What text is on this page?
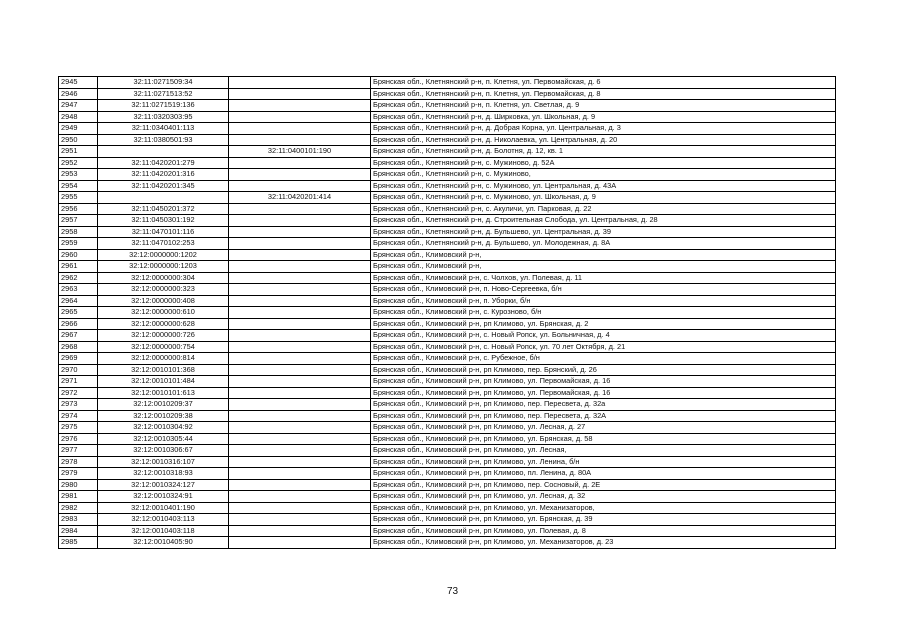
2945	32:11:0271509:34		Брянская обл., Клетнянский р-н, п. Клетня, ул. Первомайская, д. 6
2946	32:11:0271513:52		Брянская обл., Клетнянский р-н, п. Клетня, ул. Первомайская, д. 8
2947	32:11:0271519:136		Брянская обл., Клетнянский р-н, п. Клетня, ул. Светлая, д. 9
2948	32:11:0320303:95		Брянская обл., Клетнянский р-н, д. Ширковка, ул. Школьная, д. 9
2949	32:11:0340401:113		Брянская обл., Клетнянский р-н, д. Добрая Корна, ул. Центральная, д. 3
2950	32:11:0380501:93		Брянская обл., Клетнянский р-н, д. Николаевка, ул. Центральная, д. 20
2951		32:11:0400101:190	Брянская обл., Клетнянский р-н, д. Болотня, д. 12, кв. 1
2952	32:11:0420201:279		Брянская обл., Клетнянский р-н, с. Мужиново, д. 52А
2953	32:11:0420201:316		Брянская обл., Клетнянский р-н, с. Мужиново,
2954	32:11:0420201:345		Брянская обл., Клетнянский р-н, с. Мужиново, ул. Центральная, д. 43А
2955		32:11:0420201:414	Брянская обл., Клетнянский р-н, с. Мужиново, ул. Школьная, д. 9
2956	32:11:0450201:372		Брянская обл., Клетнянский р-н, с. Акуличи, ул. Парковая, д. 22
2957	32:11:0450301:192		Брянская обл., Клетнянский р-н, д. Строительная Слобода, ул. Центральная, д. 28
2958	32:11:0470101:116		Брянская обл., Клетнянский р-н, д. Бульшево, ул. Центральная, д. 39
2959	32:11:0470102:253		Брянская обл., Клетнянский р-н, д. Бульшево, ул. Молодежная, д. 8А
2960	32:12:0000000:1202		Брянская обл., Климовский р-н,
2961	32:12:0000000:1203		Брянская обл., Климовский р-н,
2962	32:12:0000000:304		Брянская обл., Климовский р-н, с. Чолхов, ул. Полевая, д. 11
2963	32:12:0000000:323		Брянская обл., Климовский р-н, п. Ново-Сергеевка, б/н
2964	32:12:0000000:408		Брянская обл., Климовский р-н, п. Уборки, б/н
2965	32:12:0000000:610		Брянская обл., Климовский р-н, с. Курозново, б/н
2966	32:12:0000000:628		Брянская обл., Климовский р-н, рп Климово, ул. Брянская, д. 2
2967	32:12:0000000:726		Брянская обл., Климовский р-н, с. Новый Ропск, ул. Больничная, д. 4
2968	32:12:0000000:754		Брянская обл., Климовский р-н, с. Новый Ропск, ул. 70 лет Октября, д. 21
2969	32:12:0000000:814		Брянская обл., Климовский р-н, с. Рубежное, б/н
2970	32:12:0010101:368		Брянская обл., Климовский р-н, рп Климово, пер. Брянский, д. 26
2971	32:12:0010101:484		Брянская обл., Климовский р-н, рп Климово, ул. Первомайская, д. 16
2972	32:12:0010101:613		Брянская обл., Климовский р-н, рп Климово, ул. Первомайская, д. 16
2973	32:12:0010209:37		Брянская обл., Климовский р-н, рп Климово, пер. Пересвета, д. 32а
2974	32:12:0010209:38		Брянская обл., Климовский р-н, рп Климово, пер. Пересвета, д. 32А
2975	32:12:0010304:92		Брянская обл., Климовский р-н, рп Климово, ул. Лесная, д. 27
2976	32:12:0010305:44		Брянская обл., Климовский р-н, рп Климово, ул. Брянская, д. 58
2977	32:12:0010306:67		Брянская обл., Климовский р-н, рп Климово, ул. Лесная,
2978	32:12:0010316:107		Брянская обл., Климовский р-н, рп Климово, ул. Ленина, б/н
2979	32:12:0010318:93		Брянская обл., Климовский р-н, рп Климово, пл. Ленина, д. 80А
2980	32:12:0010324:127		Брянская обл., Климовский р-н, рп Климово, пер. Сосновый, д. 2Е
2981	32:12:0010324:91		Брянская обл., Климовский р-н, рп Климово, ул. Лесная, д. 32
2982	32:12:0010401:190		Брянская обл., Климовский р-н, рп Климово, ул. Механизаторов,
2983	32:12:0010403:113		Брянская обл., Климовский р-н, рп Климово, ул. Брянская, д. 39
2984	32:12:0010403:118		Брянская обл., Климовский р-н, рп Климово, ул. Полевая, д. 8
2985	32:12:0010405:90		Брянская обл., Климовский р-н, рп Климово, ул. Механизаторов, д. 23
73
